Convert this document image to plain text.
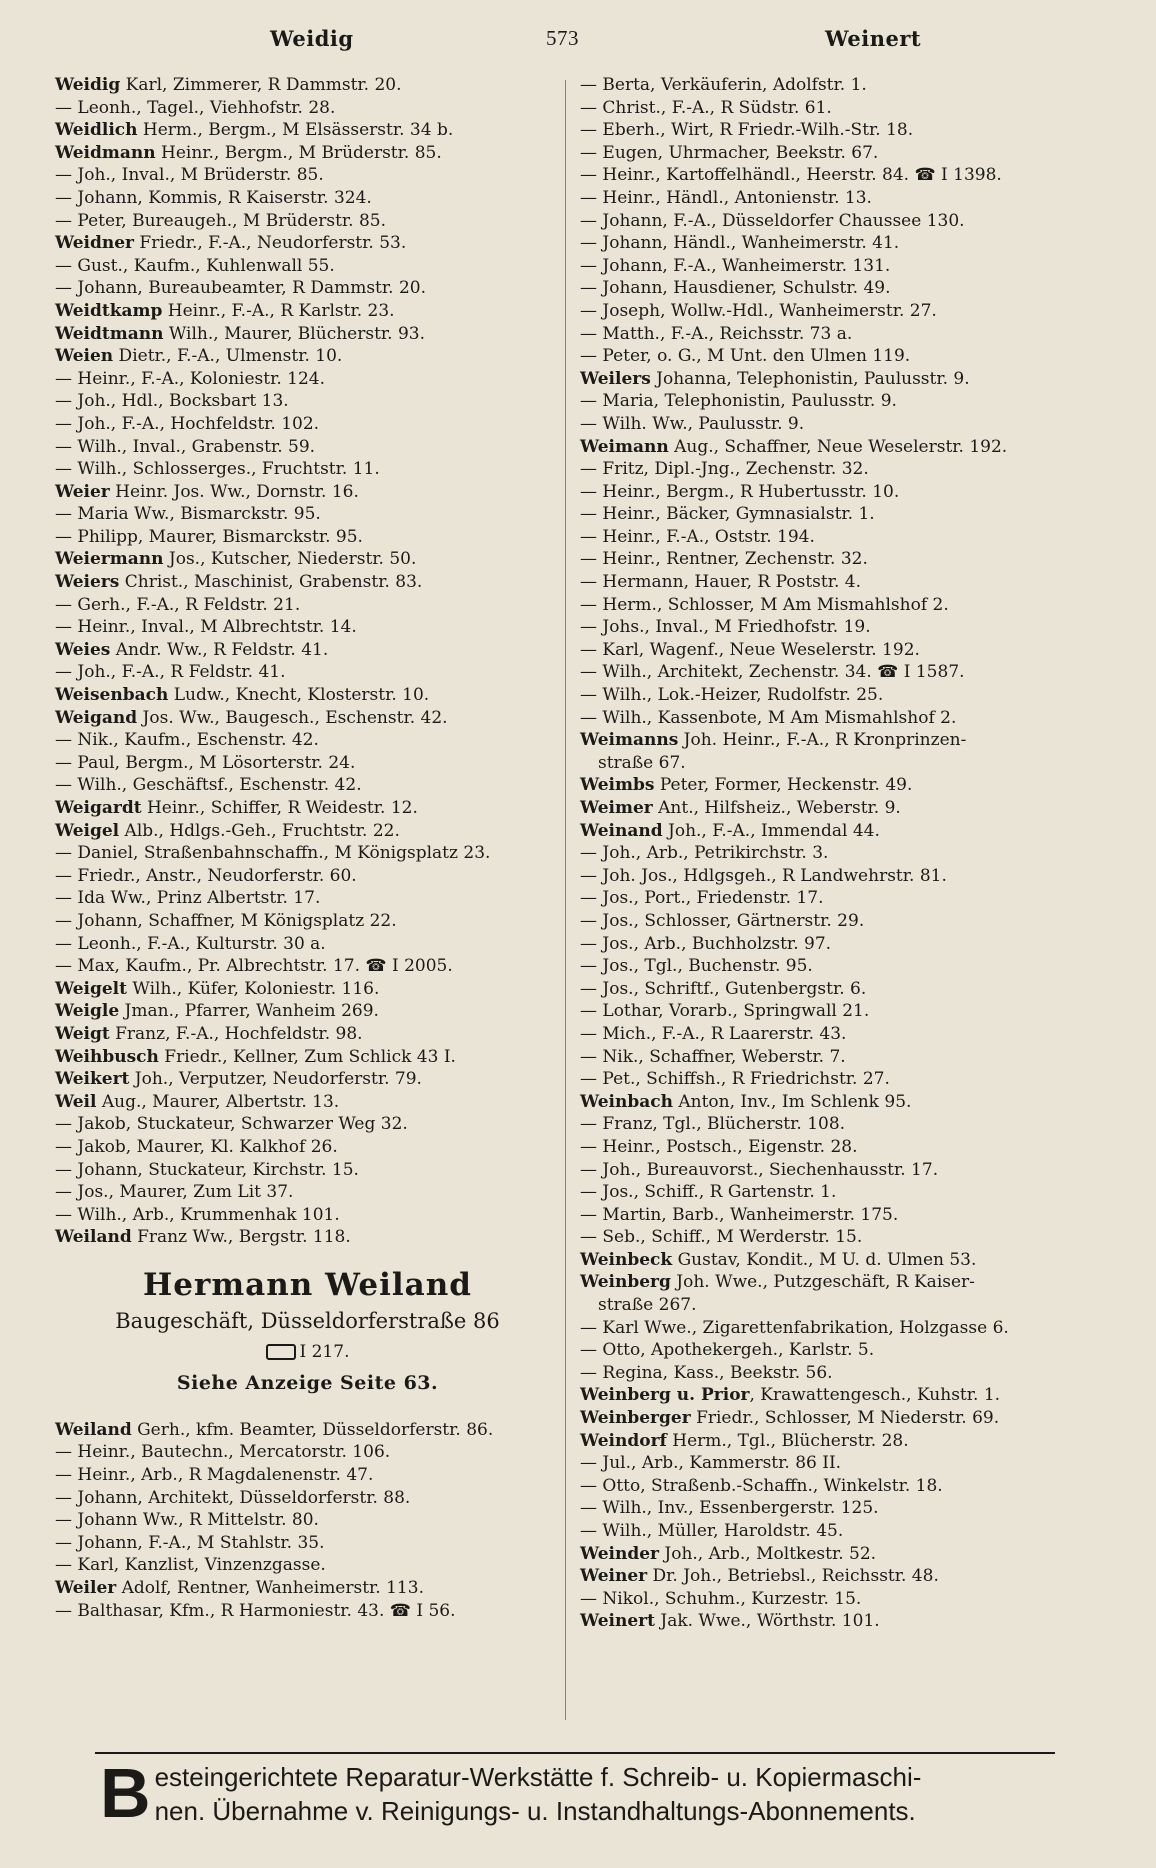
Weidig	573	Weinert
Weidig Karl, Zimmerer, R Dammstr. 20.
— Leonh., Tagel., Viehhofstr. 28.
Weidlich Herm., Bergm., M Elsässerstr. 34 b.
Weidmann Heinr., Bergm., M Brüderstr. 85.
— Joh., Inval., M Brüderstr. 85.
— Johann, Kommis, R Kaiserstr. 324.
— Peter, Bureaugeh., M Brüderstr. 85.
Weidner Friedr., F.-A., Neudorferstr. 53.
— Gust., Kaufm., Kuhlenwall 55.
— Johann, Bureaubeamter, R Dammstr. 20.
Weidtkamp Heinr., F.-A., R Karlstr. 23.
Weidtmann Wilh., Maurer, Blücherstr. 93.
Weien Dietr., F.-A., Ulmenstr. 10.
— Heinr., F.-A., Koloniestr. 124.
— Joh., Hdl., Bocksbart 13.
— Joh., F.-A., Hochfeldstr. 102.
— Wilh., Inval., Grabenstr. 59.
— Wilh., Schlosserges., Fruchtstr. 11.
Weier Heinr. Jos. Ww., Dornstr. 16.
— Maria Ww., Bismarckstr. 95.
— Philipp, Maurer, Bismarckstr. 95.
Weiermann Jos., Kutscher, Niederstr. 50.
Weiers Christ., Maschinist, Grabenstr. 83.
— Gerh., F.-A., R Feldstr. 21.
— Heinr., Inval., M Albrechtstr. 14.
Weies Andr. Ww., R Feldstr. 41.
— Joh., F.-A., R Feldstr. 41.
Weisenbach Ludw., Knecht, Klosterstr. 10.
Weigand Jos. Ww., Baugesch., Eschenstr. 42.
— Nik., Kaufm., Eschenstr. 42.
— Paul, Bergm., M Lösorterstr. 24.
— Wilh., Geschäftsf., Eschenstr. 42.
Weigardt Heinr., Schiffer, R Weidestr. 12.
Weigel Alb., Hdlgs.-Geh., Fruchtstr. 22.
— Daniel, Straßenbahnschaffn., M Königsplatz 23.
— Friedr., Anstr., Neudorferstr. 60.
— Ida Ww., Prinz Albertstr. 17.
— Johann, Schaffner, M Königsplatz 22.
— Leonh., F.-A., Kulturstr. 30 a.
— Max, Kaufm., Pr. Albrechtstr. 17. ☎ I 2005.
Weigelt Wilh., Küfer, Koloniestr. 116.
Weigle Jman., Pfarrer, Wanheim 269.
Weigt Franz, F.-A., Hochfeldstr. 98.
Weihbusch Friedr., Kellner, Zum Schlick 43 I.
Weikert Joh., Verputzer, Neudorferstr. 79.
Weil Aug., Maurer, Albertstr. 13.
— Jakob, Stuckateur, Schwarzer Weg 32.
— Jakob, Maurer, Kl. Kalkhof 26.
— Johann, Stuckateur, Kirchstr. 15.
— Jos., Maurer, Zum Lit 37.
— Wilh., Arb., Krummenhak 101.
Weiland Franz Ww., Bergstr. 118.
Hermann Weiland
Baugeschäft, Düsseldorferstraße 86
I 217.
Siehe Anzeige Seite 63.
Weiland Gerh., kfm. Beamter, Düsseldorferstr. 86.
— Heinr., Bautechn., Mercatorstr. 106.
— Heinr., Arb., R Magdalenenstr. 47.
— Johann, Architekt, Düsseldorferstr. 88.
— Johann Ww., R Mittelstr. 80.
— Johann, F.-A., M Stahlstr. 35.
— Karl, Kanzlist, Vinzenzgasse.
Weiler Adolf, Rentner, Wanheimerstr. 113.
— Balthasar, Kfm., R Harmoniestr. 43. ☎ I 56.
— Berta, Verkäuferin, Adolfstr. 1.
— Christ., F.-A., R Südstr. 61.
— Eberh., Wirt, R Friedr.-Wilh.-Str. 18.
— Eugen, Uhrmacher, Beekstr. 67.
— Heinr., Kartoffelhändl., Heerstr. 84. ☎ I 1398.
— Heinr., Händl., Antonienstr. 13.
— Johann, F.-A., Düsseldorfer Chaussee 130.
— Johann, Händl., Wanheimerstr. 41.
— Johann, F.-A., Wanheimerstr. 131.
— Johann, Hausdiener, Schulstr. 49.
— Joseph, Wollw.-Hdl., Wanheimerstr. 27.
— Matth., F.-A., Reichsstr. 73 a.
— Peter, o. G., M Unt. den Ulmen 119.
Weilers Johanna, Telephonistin, Paulusstr. 9.
— Maria, Telephonistin, Paulusstr. 9.
— Wilh. Ww., Paulusstr. 9.
Weimann Aug., Schaffner, Neue Weselerstr. 192.
— Fritz, Dipl.-Jng., Zechenstr. 32.
— Heinr., Bergm., R Hubertusstr. 10.
— Heinr., Bäcker, Gymnasialstr. 1.
— Heinr., F.-A., Oststr. 194.
— Heinr., Rentner, Zechenstr. 32.
— Hermann, Hauer, R Poststr. 4.
— Herm., Schlosser, M Am Mismahlshof 2.
— Johs., Inval., M Friedhofstr. 19.
— Karl, Wagenf., Neue Weselerstr. 192.
— Wilh., Architekt, Zechenstr. 34. ☎ I 1587.
— Wilh., Lok.-Heizer, Rudolfstr. 25.
— Wilh., Kassenbote, M Am Mismahlshof 2.
Weimanns Joh. Heinr., F.-A., R Kronprinzen-
straße 67.
Weimbs Peter, Former, Heckenstr. 49.
Weimer Ant., Hilfsheiz., Weberstr. 9.
Weinand Joh., F.-A., Immendal 44.
— Joh., Arb., Petrikirchstr. 3.
— Joh. Jos., Hdlgsgeh., R Landwehrstr. 81.
— Jos., Port., Friedenstr. 17.
— Jos., Schlosser, Gärtnerstr. 29.
— Jos., Arb., Buchholzstr. 97.
— Jos., Tgl., Buchenstr. 95.
— Jos., Schriftf., Gutenbergstr. 6.
— Lothar, Vorarb., Springwall 21.
— Mich., F.-A., R Laarerstr. 43.
— Nik., Schaffner, Weberstr. 7.
— Pet., Schiffsh., R Friedrichstr. 27.
Weinbach Anton, Inv., Im Schlenk 95.
— Franz, Tgl., Blücherstr. 108.
— Heinr., Postsch., Eigenstr. 28.
— Joh., Bureauvorst., Siechenhausstr. 17.
— Jos., Schiff., R Gartenstr. 1.
— Martin, Barb., Wanheimerstr. 175.
— Seb., Schiff., M Werderstr. 15.
Weinbeck Gustav, Kondit., M U. d. Ulmen 53.
Weinberg Joh. Wwe., Putzgeschäft, R Kaiser-
straße 267.
— Karl Wwe., Zigarettenfabrikation, Holzgasse 6.
— Otto, Apothekergeh., Karlstr. 5.
— Regina, Kass., Beekstr. 56.
Weinberg u. Prior, Krawattengesch., Kuhstr. 1.
Weinberger Friedr., Schlosser, M Niederstr. 69.
Weindorf Herm., Tgl., Blücherstr. 28.
— Jul., Arb., Kammerstr. 86 II.
— Otto, Straßenb.-Schaffn., Winkelstr. 18.
— Wilh., Inv., Essenbergerstr. 125.
— Wilh., Müller, Haroldstr. 45.
Weinder Joh., Arb., Moltkestr. 52.
Weiner Dr. Joh., Betriebsl., Reichsstr. 48.
— Nikol., Schuhm., Kurzestr. 15.
Weinert Jak. Wwe., Wörthstr. 101.
B esteingerichtete Reparatur-Werkstätte f. Schreib- u. Kopiermaschi-
nen. Übernahme v. Reinigungs- u. Instandhaltungs-Abonnements.
